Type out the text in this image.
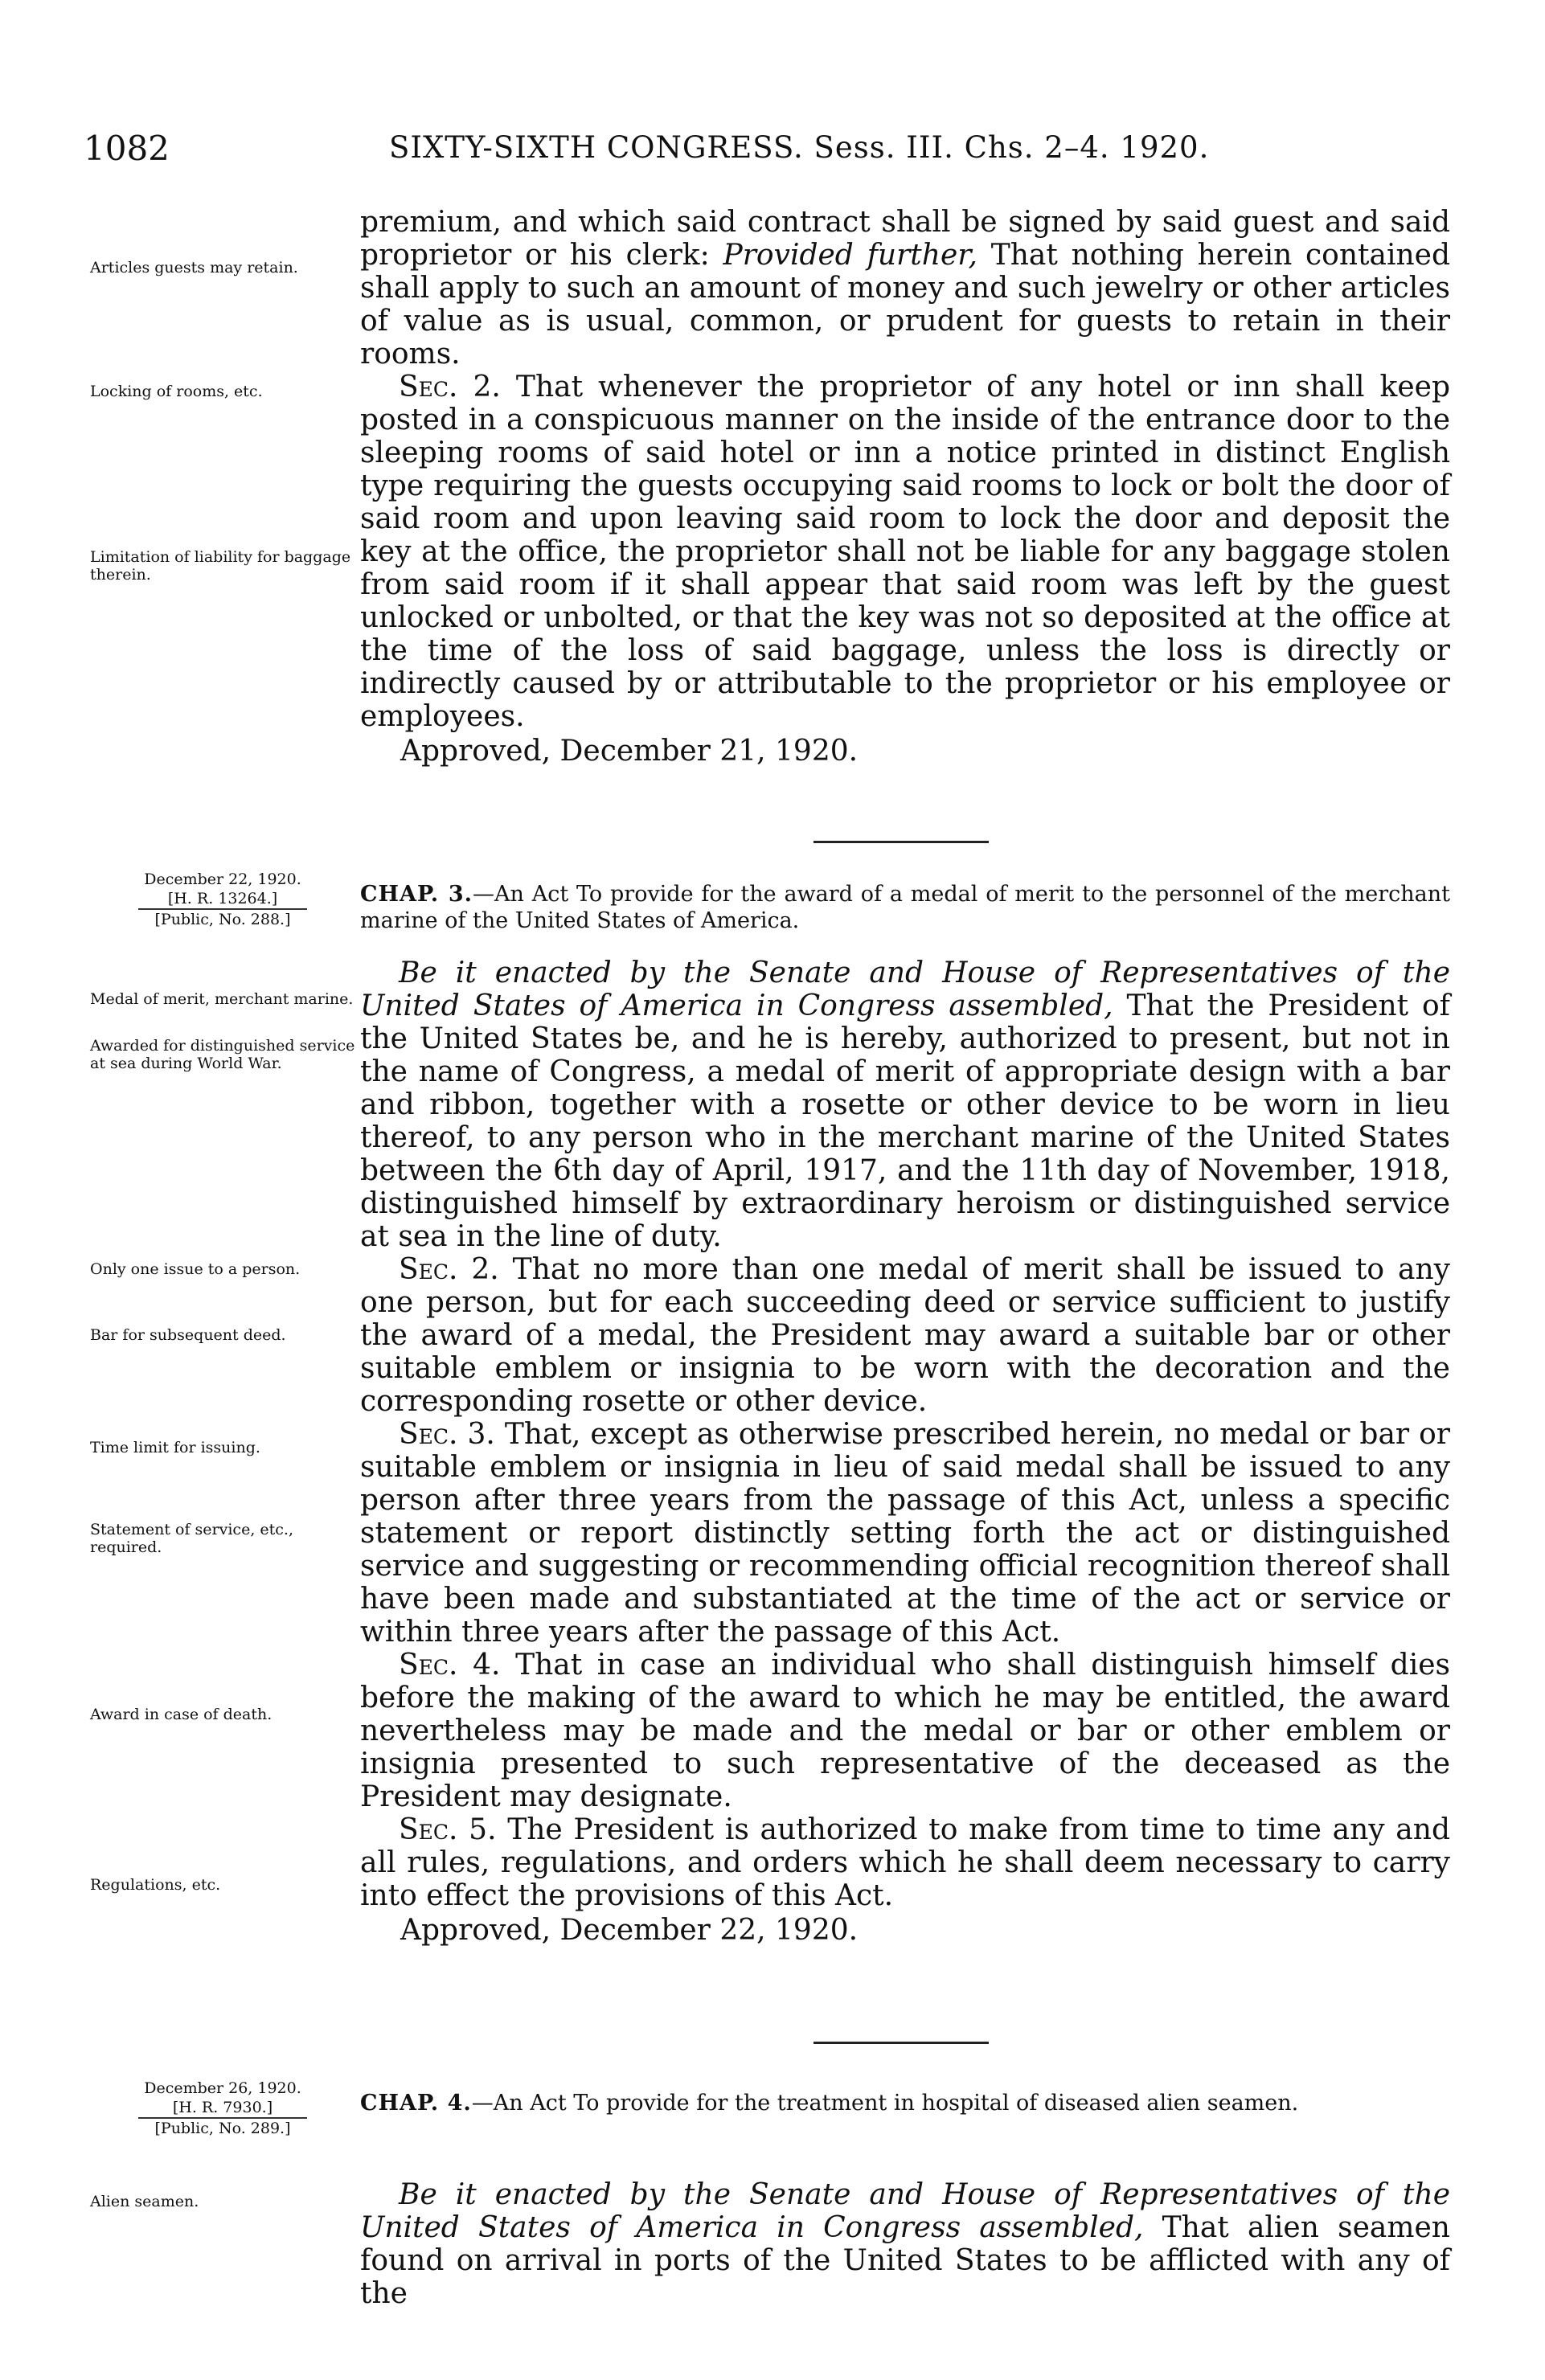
1082	SIXTY-SIXTH CONGRESS. Sess. III. Chs. 2–4. 1920.
Articles guests may retain.
Locking of rooms, etc.
Limitation of liability for baggage therein.

premium, and which said contract shall be signed by said guest and said proprietor or his clerk: Provided further, That nothing herein contained shall apply to such an amount of money and such jewelry or other articles of value as is usual, common, or prudent for guests to retain in their rooms.

Sec. 2. That whenever the proprietor of any hotel or inn shall keep posted in a conspicuous manner on the inside of the entrance door to the sleeping rooms of said hotel or inn a notice printed in distinct English type requiring the guests occupying said rooms to lock or bolt the door of said room and upon leaving said room to lock the door and deposit the key at the office, the proprietor shall not be liable for any baggage stolen from said room if it shall appear that said room was left by the guest unlocked or unbolted, or that the key was not so deposited at the office at the time of the loss of said baggage, unless the loss is directly or indirectly caused by or attributable to the proprietor or his employee or employees.

Approved, December 21, 1920.

December 22, 1920.
[H. R. 13264.]
[Public, No. 288.]
CHAP. 3.—An Act To provide for the award of a medal of merit to the personnel of the merchant marine of the United States of America.
Medal of merit, merchant marine.
Awarded for distinguished service at sea during World War.
Only one issue to a person.
Bar for subsequent deed.
Time limit for issuing.
Statement of service, etc., required.
Award in case of death.
Regulations, etc.

Be it enacted by the Senate and House of Representatives of the United States of America in Congress assembled, That the President of the United States be, and he is hereby, authorized to present, but not in the name of Congress, a medal of merit of appropriate design with a bar and ribbon, together with a rosette or other device to be worn in lieu thereof, to any person who in the merchant marine of the United States between the 6th day of April, 1917, and the 11th day of November, 1918, distinguished himself by extraordinary heroism or distinguished service at sea in the line of duty.

Sec. 2. That no more than one medal of merit shall be issued to any one person, but for each succeeding deed or service sufficient to justify the award of a medal, the President may award a suitable bar or other suitable emblem or insignia to be worn with the decoration and the corresponding rosette or other device.

Sec. 3. That, except as otherwise prescribed herein, no medal or bar or suitable emblem or insignia in lieu of said medal shall be issued to any person after three years from the passage of this Act, unless a specific statement or report distinctly setting forth the act or distinguished service and suggesting or recommending official recognition thereof shall have been made and substantiated at the time of the act or service or within three years after the passage of this Act.

Sec. 4. That in case an individual who shall distinguish himself dies before the making of the award to which he may be entitled, the award nevertheless may be made and the medal or bar or other emblem or insignia presented to such representative of the deceased as the President may designate.

Sec. 5. The President is authorized to make from time to time any and all rules, regulations, and orders which he shall deem necessary to carry into effect the provisions of this Act.

Approved, December 22, 1920.

December 26, 1920.
[H. R. 7930.]
[Public, No. 289.]
CHAP. 4.—An Act To provide for the treatment in hospital of diseased alien seamen.
Alien seamen.	Be it enacted by the Senate and House of Representatives of the United States of America in Congress assembled, That alien seamen found on arrival in ports of the United States to be afflicted with any of the
